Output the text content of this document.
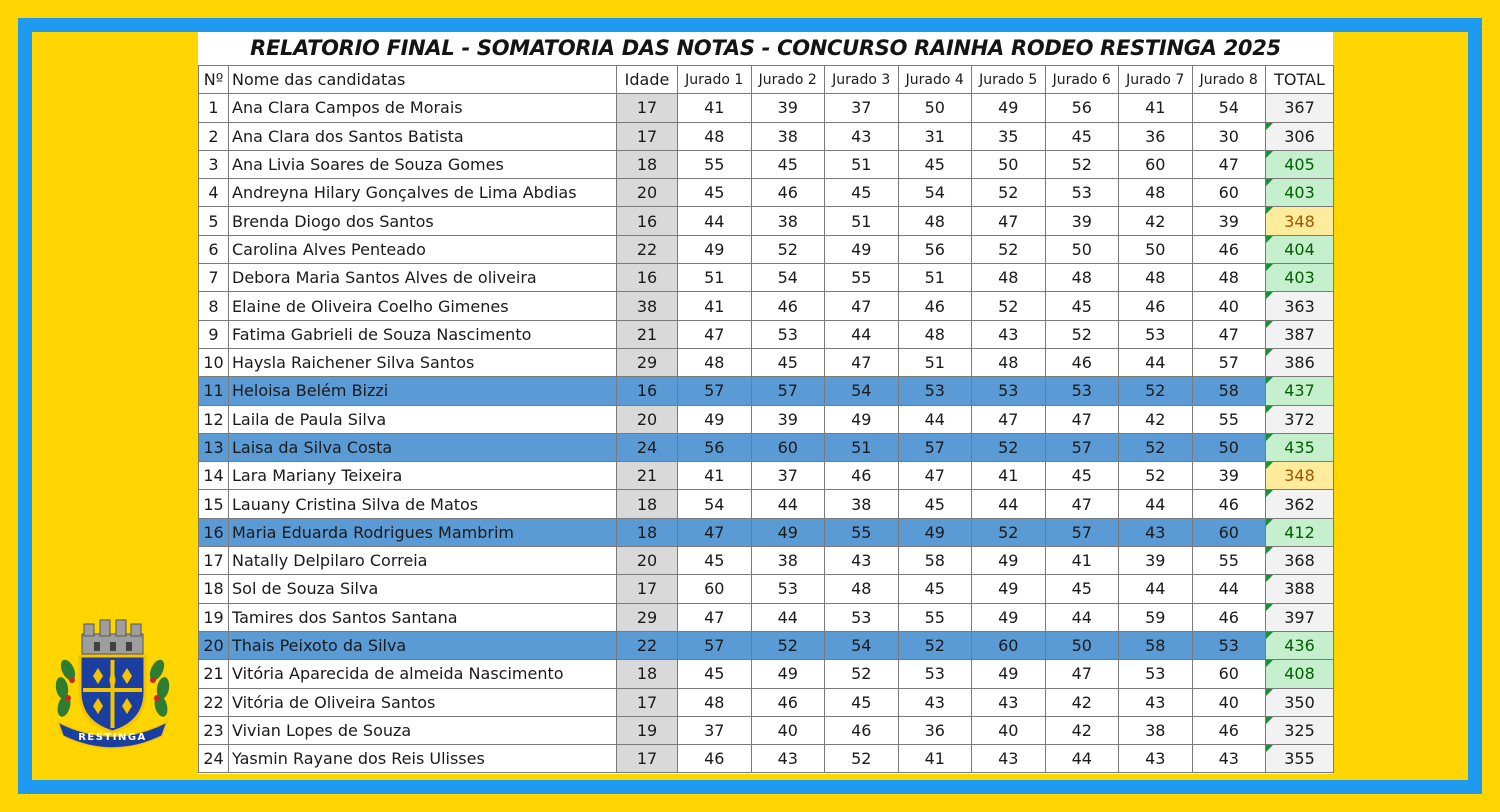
RELATORIO FINAL - SOMATORIA DAS NOTAS - CONCURSO RAINHA RODEO RESTINGA 2025
Nº	Nome das candidatas	Idade	Jurado 1	Jurado 2	Jurado 3	Jurado 4	Jurado 5	Jurado 6	Jurado 7	Jurado 8	TOTAL
1	Ana Clara Campos de Morais	17	41	39	37	50	49	56	41	54	367
2	Ana Clara dos Santos Batista	17	48	38	43	31	35	45	36	30	306
3	Ana Livia Soares de Souza Gomes	18	55	45	51	45	50	52	60	47	405
4	Andreyna Hilary Gonçalves de Lima Abdias	20	45	46	45	54	52	53	48	60	403
5	Brenda Diogo dos Santos	16	44	38	51	48	47	39	42	39	348
6	Carolina Alves Penteado	22	49	52	49	56	52	50	50	46	404
7	Debora Maria Santos Alves de oliveira	16	51	54	55	51	48	48	48	48	403
8	Elaine de Oliveira Coelho Gimenes	38	41	46	47	46	52	45	46	40	363
9	Fatima Gabrieli de Souza Nascimento	21	47	53	44	48	43	52	53	47	387
10	Haysla Raichener Silva Santos	29	48	45	47	51	48	46	44	57	386
11	Heloisa Belém Bizzi	16	57	57	54	53	53	53	52	58	437
12	Laila de Paula Silva	20	49	39	49	44	47	47	42	55	372
13	Laisa da Silva Costa	24	56	60	51	57	52	57	52	50	435
14	Lara Mariany Teixeira	21	41	37	46	47	41	45	52	39	348
15	Lauany Cristina Silva de Matos	18	54	44	38	45	44	47	44	46	362
16	Maria Eduarda Rodrigues Mambrim	18	47	49	55	49	52	57	43	60	412
17	Natally Delpilaro Correia	20	45	38	43	58	49	41	39	55	368
18	Sol de Souza Silva	17	60	53	48	45	49	45	44	44	388
19	Tamires dos Santos Santana	29	47	44	53	55	49	44	59	46	397
20	Thais Peixoto da Silva	22	57	52	54	52	60	50	58	53	436
21	Vitória Aparecida de almeida Nascimento	18	45	49	52	53	49	47	53	60	408
22	Vitória de Oliveira Santos	17	48	46	45	43	43	42	43	40	350
23	Vivian Lopes de Souza	19	37	40	46	36	40	42	38	46	325
24	Yasmin Rayane dos Reis Ulisses	17	46	43	52	41	43	44	43	43	355
RESTINGA
